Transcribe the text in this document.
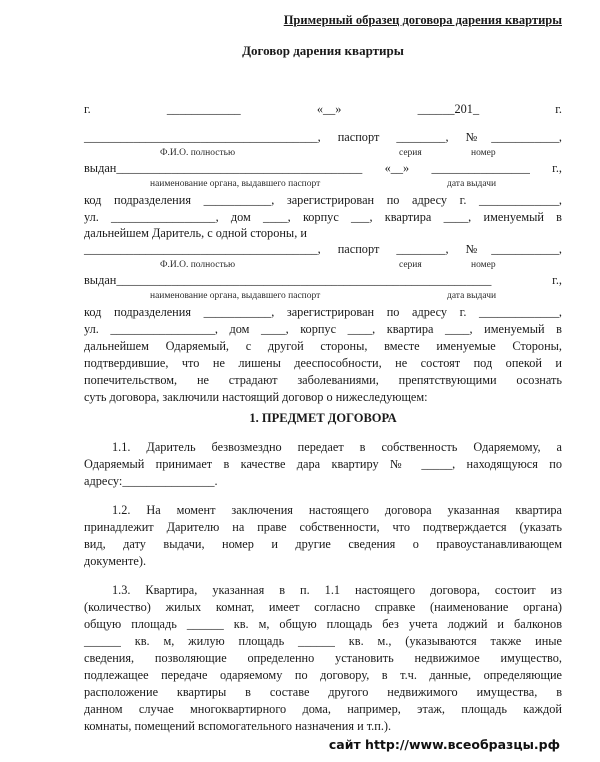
Примерный образец договора дарения квартиры
Договор дарения квартиры
г. ____________ «__» ______201_ г.
______________________________________, паспорт ________, №___________,
Ф.И.О. полностью	серия	номер
выдан________________________________________ «__» ________________ г.,
наименование органа, выдавшего паспорт	дата выдачи
код подразделения ___________, зарегистрирован по адресу г. _____________,
ул. _________________, дом ____, корпус ___, квартира ____, именуемый в
дальнейшем Даритель, с одной стороны, и
______________________________________, паспорт ________, №___________,
Ф.И.О. полностью	серия	номер
выдан_____________________________________________________________ г.,
наименование органа, выдавшего паспорт	дата выдачи
код подразделения ___________, зарегистрирован по адресу г. _____________,
ул. _________________, дом ____, корпус ____, квартира ____, именуемый в
дальнейшем Одаряемый, с другой стороны, вместе именуемые Стороны,
подтвердившие, что не лишены дееспособности, не состоят под опекой и
попечительством, не страдают заболеваниями, препятствующими осознать
суть договора, заключили настоящий договор о нижеследующем:
1. ПРЕДМЕТ ДОГОВОРА
1.1. Даритель безвозмездно передает в собственность Одаряемому, а
Одаряемый принимает в качестве дара квартиру № _____, находящуюся по
адресу:_______________.
1.2. На момент заключения настоящего договора указанная квартира
принадлежит Дарителю на праве собственности, что подтверждается (указать
вид, дату выдачи, номер и другие сведения о правоустанавливающем
документе).
1.3. Квартира, указанная в п. 1.1 настоящего договора, состоит из
(количество) жилых комнат, имеет согласно справке (наименование органа)
общую площадь ______ кв. м, общую площадь без учета лоджий и балконов
______ кв. м, жилую площадь ______ кв. м., (указываются также иные
сведения, позволяющие определенно установить недвижимое имущество,
подлежащее передаче одаряемому по договору, в т.ч. данные, определяющие
расположение квартиры в составе другого недвижимого имущества, в
данном случае многоквартирного дома, например, этаж, площадь каждой
комнаты, помещений вспомогательного назначения и т.п.).
сайт http://www.всеобразцы.рф
